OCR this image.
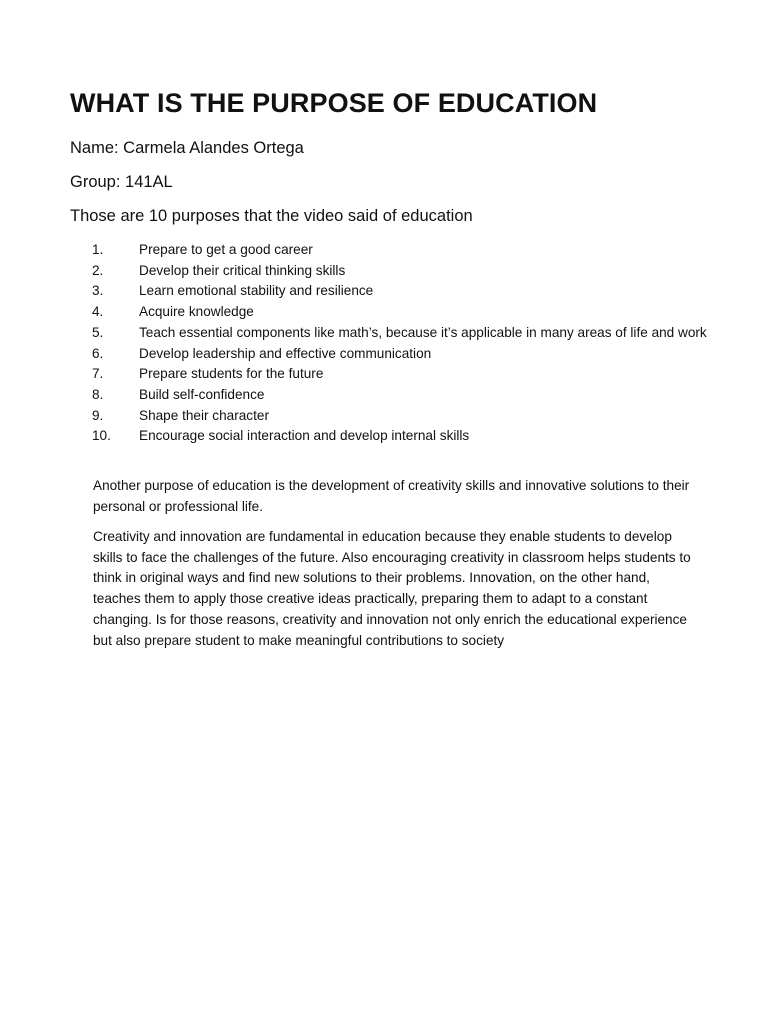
WHAT IS THE PURPOSE OF EDUCATION

Name: Carmela Alandes Ortega

Group: 141AL

Those are 10 purposes that the video said of education

1.	Prepare to get a good career
2.	Develop their critical thinking skills
3.	Learn emotional stability and resilience
4.	Acquire knowledge
5.	Teach essential components like math’s, because it’s applicable in many areas of life and work
6.	Develop leadership and effective communication
7.	Prepare students for the future
8.	Build self-confidence
9.	Shape their character
10. Encourage social interaction and develop internal skills

Another purpose of education is the development of creativity skills and innovative solutions to their personal or professional life.

Creativity and innovation are fundamental in education because they enable students to develop skills to face the challenges of the future. Also encouraging creativity in classroom helps students to think in original ways and find new solutions to their problems. Innovation, on the other hand, teaches them to apply those creative ideas practically, preparing them to adapt to a constant changing. Is for those reasons, creativity and innovation not only enrich the educational experience but also prepare student to make meaningful contributions to society
